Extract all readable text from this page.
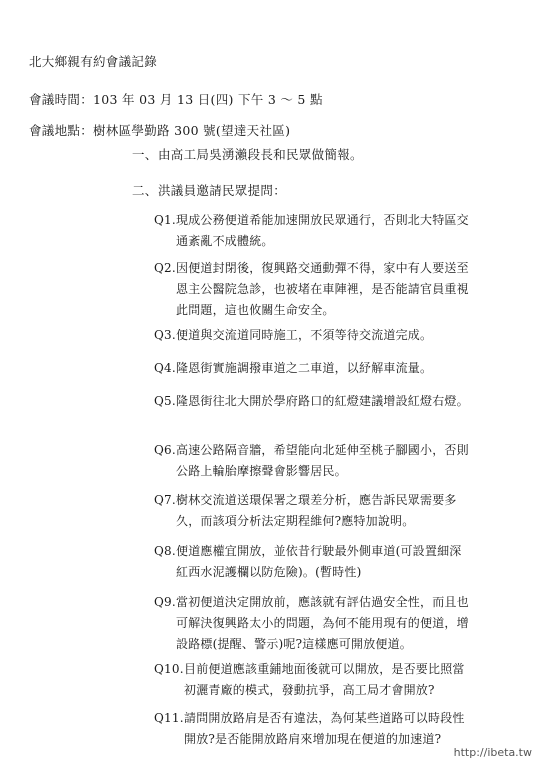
北大鄉親有約會議記錄
會議時間：103 年 03 月 13 日(四) 下午 3 ～ 5 點
會議地點：樹林區學勤路 300 號(望達天社區)
一、 由高工局吳湧瀨段長和民眾做簡報。
二、 洪議員邀請民眾提問：
Q1. 現成公務便道希能加速開放民眾通行，否則北大特區交通紊亂不成體統。
Q2. 因便道封閉後，復興路交通動彈不得，家中有人要送至恩主公醫院急診，也被堵在車陣裡，是否能請官員重視此問題，這也攸關生命安全。
Q3. 便道與交流道同時施工，不須等待交流道完成。
Q4. 隆恩街實施調撥車道之二車道，以紓解車流量。
Q5. 隆恩街往北大開於學府路口的紅燈建議增設紅燈右燈。
Q6. 高速公路隔音牆，希望能向北延伸至桃子腳國小，否則公路上輪胎摩擦聲會影響居民。
Q7. 樹林交流道送環保署之環差分析，應告訴民眾需要多久，而該項分析法定期程維何?應特加說明。
Q8. 便道應權宜開放，並依昔行駛最外側車道(可設置細深紅西水泥護欄以防危險)。(暫時性)
Q9. 當初便道決定開放前，應該就有評估過安全性，而且也可解決復興路太小的問題，為何不能用現有的便道，增設路標(提醒、警示)呢?這樣應可開放便道。
Q10. 目前便道應該重鋪地面後就可以開放，是否要比照當初灑青廠的模式，發動抗爭，高工局才會開放?
Q11. 請問開放路肩是否有違法，為何某些道路可以時段性開放?是否能開放路肩來增加現在便道的加速道?
http://ibeta.tw
